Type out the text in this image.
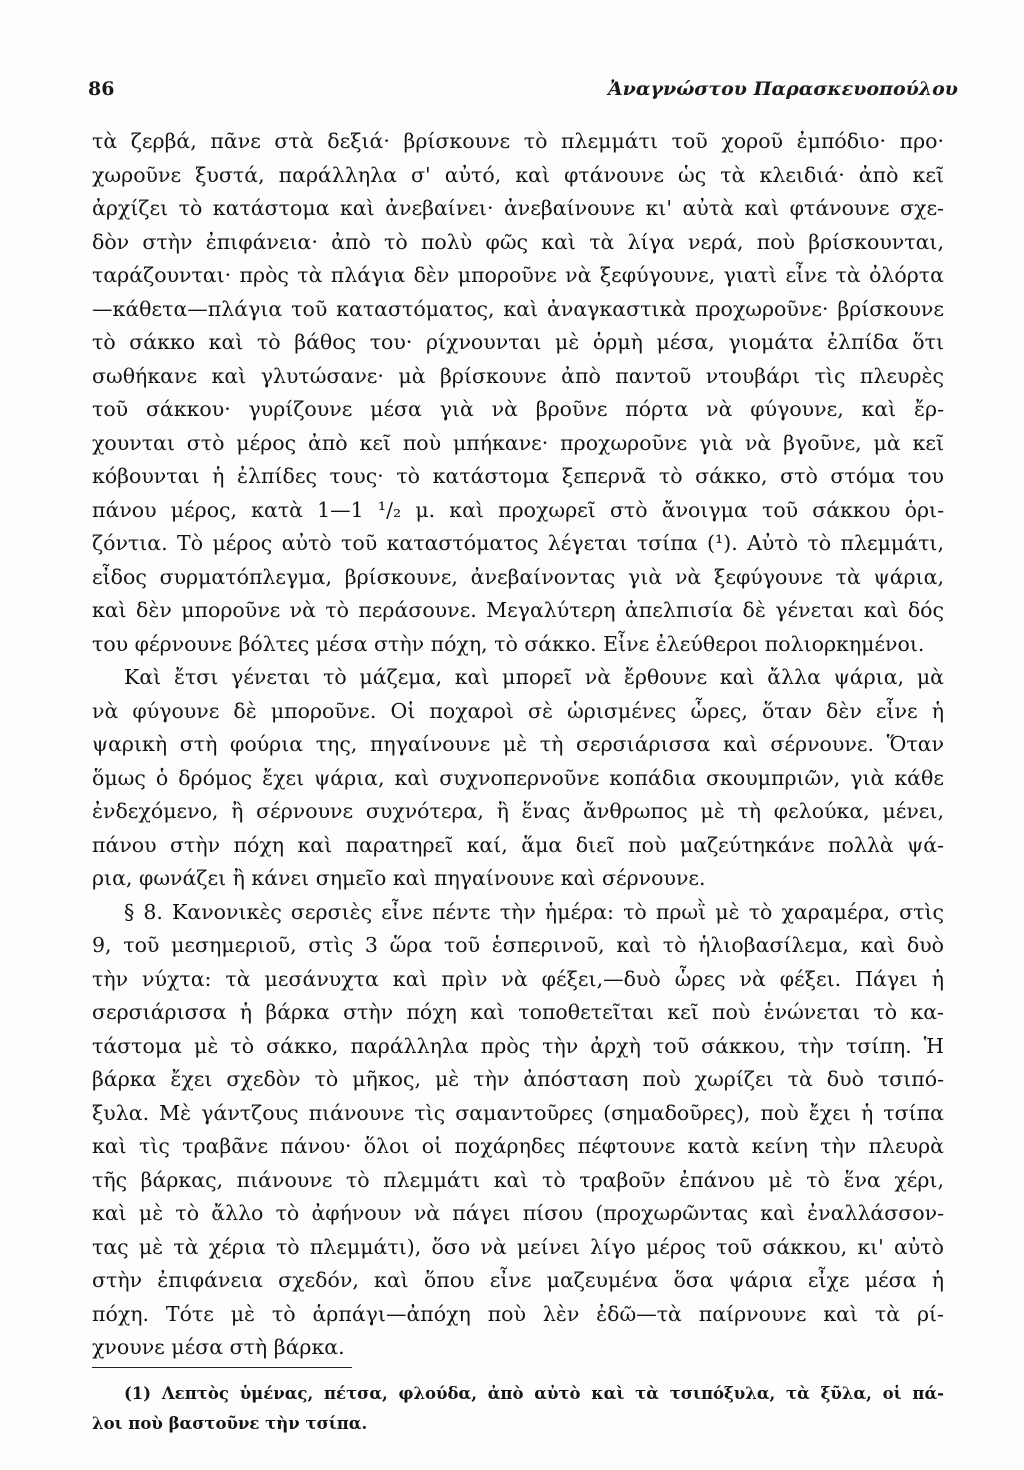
86	Ἀναγνώστου Παρασκευοπούλου
τὰ ζερβά, πᾶνε στὰ δεξιά· βρίσκουνε τὸ πλεμμάτι τοῦ χοροῦ ἐμπόδιο· προ·
χωροῦνε ξυστά, παράλληλα σ' αὐτό, καὶ φτάνουνε ὡς τὰ κλειδιά· ἀπὸ κεῖ
ἀρχίζει τὸ κατάστομα καὶ ἀνεβαίνει· ἀνεβαίνουνε κι' αὐτὰ καὶ φτάνουνε σχε-
δὸν στὴν ἐπιφάνεια· ἀπὸ τὸ πολὺ φῶς καὶ τὰ λίγα νερά, ποὺ βρίσκουνται,
ταράζουνται· πρὸς τὰ πλάγια δὲν μποροῦνε νὰ ξεφύγουνε, γιατὶ εἶνε τὰ ὀλόρτα
—κάθετα—πλάγια τοῦ καταστόματος, καὶ ἀναγκαστικὰ προχωροῦνε· βρίσκουνε
τὸ σάκκο καὶ τὸ βάθος του· ρίχνουνται μὲ ὁρμὴ μέσα, γιομάτα ἐλπίδα ὅτι
σωθήκανε καὶ γλυτώσανε· μὰ βρίσκουνε ἀπὸ παντοῦ ντουβάρι τὶς πλευρὲς
τοῦ σάκκου· γυρίζουνε μέσα γιὰ νὰ βροῦνε πόρτα νὰ φύγουνε, καὶ ἔρ-
χουνται στὸ μέρος ἀπὸ κεῖ ποὺ μπήκανε· προχωροῦνε γιὰ νὰ βγοῦνε, μὰ κεῖ
κόβουνται ἡ ἐλπίδες τους· τὸ κατάστομα ξεπερνᾶ τὸ σάκκο, στὸ στόμα του
πάνου μέρος, κατὰ 1—1 ¹/₂ μ. καὶ προχωρεῖ στὸ ἄνοιγμα τοῦ σάκκου ὁρι-
ζόντια. Τὸ μέρος αὐτὸ τοῦ καταστόματος λέγεται τσίπα (¹). Αὐτὸ τὸ πλεμμάτι,
εἶδος συρματόπλεγμα, βρίσκουνε, ἀνεβαίνοντας γιὰ νὰ ξεφύγουνε τὰ ψάρια,
καὶ δὲν μποροῦνε νὰ τὸ περάσουνε. Μεγαλύτερη ἀπελπισία δὲ γένεται καὶ δός
του φέρνουνε βόλτες μέσα στὴν πόχη, τὸ σάκκο. Εἶνε ἐλεύθεροι πολιορκημένοι.
Καὶ ἔτσι γένεται τὸ μάζεμα, καὶ μπορεῖ νὰ ἔρθουνε καὶ ἄλλα ψάρια, μὰ
νὰ φύγουνε δὲ μποροῦνε. Οἱ ποχαροὶ σὲ ὡρισμένες ὧρες, ὅταν δὲν εἶνε ἡ
ψαρικὴ στὴ φούρια της, πηγαίνουνε μὲ τὴ σερσιάρισσα καὶ σέρνουνε. Ὅταν
ὅμως ὁ δρόμος ἔχει ψάρια, καὶ συχνοπερνοῦνε κοπάδια σκουμπριῶν, γιὰ κάθε
ἐνδεχόμενο, ἢ σέρνουνε συχνότερα, ἢ ἕνας ἄνθρωπος μὲ τὴ φελούκα, μένει,
πάνου στὴν πόχη καὶ παρατηρεῖ καί, ἅμα διεῖ ποὺ μαζεύτηκάνε πολλὰ ψά-
ρια, φωνάζει ἢ κάνει σημεῖο καὶ πηγαίνουνε καὶ σέρνουνε.
§ 8. Κανονικὲς σερσιὲς εἶνε πέντε τὴν ἡμέρα: τὸ πρωῒ μὲ τὸ χαραμέρα, στὶς
9, τοῦ μεσημεριοῦ, στὶς 3 ὥρα τοῦ ἑσπερινοῦ, καὶ τὸ ἡλιοβασίλεμα, καὶ δυὸ
τὴν νύχτα: τὰ μεσάνυχτα καὶ πρὶν νὰ φέξει,—δυὸ ὧρες νὰ φέξει. Πάγει ἡ
σερσιάρισσα ἡ βάρκα στὴν πόχη καὶ τοποθετεῖται κεῖ ποὺ ἑνώνεται τὸ κα-
τάστομα μὲ τὸ σάκκο, παράλληλα πρὸς τὴν ἀρχὴ τοῦ σάκκου, τὴν τσίπη. Ἡ
βάρκα ἔχει σχεδὸν τὸ μῆκος, μὲ τὴν ἀπόσταση ποὺ χωρίζει τὰ δυὸ τσιπό-
ξυλα. Μὲ γάντζους πιάνουνε τὶς σαμαντοῦρες (σημαδοῦρες), ποὺ ἔχει ἡ τσίπα
καὶ τὶς τραβᾶνε πάνου· ὅλοι οἱ ποχάρηδες πέφτουνε κατὰ κείνη τὴν πλευρὰ
τῆς βάρκας, πιάνουνε τὸ πλεμμάτι καὶ τὸ τραβοῦν ἐπάνου μὲ τὸ ἕνα χέρι,
καὶ μὲ τὸ ἄλλο τὸ ἀφήνουν νὰ πάγει πίσου (προχωρῶντας καὶ ἐναλλάσσον-
τας μὲ τὰ χέρια τὸ πλεμμάτι), ὅσο νὰ μείνει λίγο μέρος τοῦ σάκκου, κι' αὐτὸ
στὴν ἐπιφάνεια σχεδόν, καὶ ὅπου εἶνε μαζευμένα ὅσα ψάρια εἶχε μέσα ἡ
πόχη. Τότε μὲ τὸ ἁρπάγι—ἀπόχη ποὺ λὲν ἐδῶ—τὰ παίρνουνε καὶ τὰ ρί-
χνουνε μέσα στὴ βάρκα.
(1) Λεπτὸς ὑμένας, πέτσα, φλούδα, ἀπὸ αὐτὸ καὶ τὰ τσιπόξυλα, τὰ ξῦλα, οἱ πά-
λοι ποὺ βαστοῦνε τὴν τσίπα.
